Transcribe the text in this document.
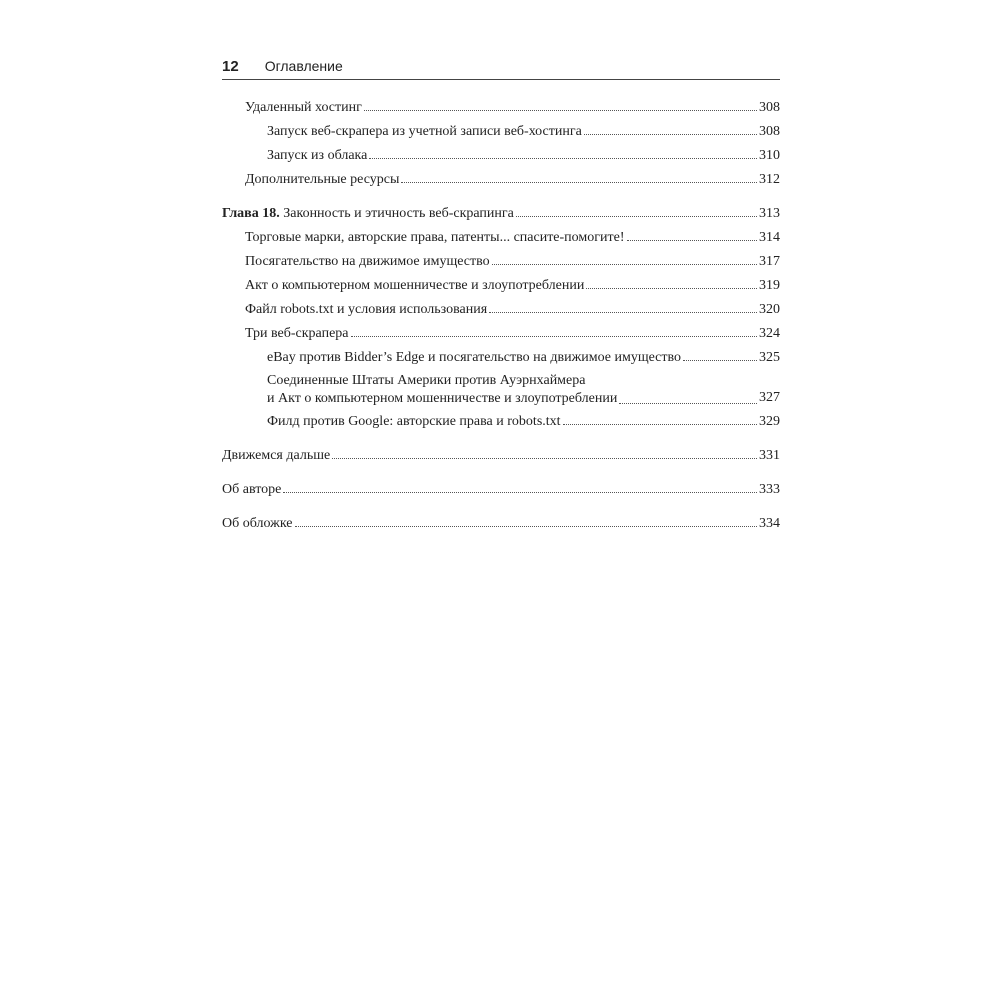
12 Оглавление
Удаленный хостинг	308
Запуск веб-скрапера из учетной записи веб-хостинга	308
Запуск из облака	310
Дополнительные ресурсы	312
Глава 18. Законность и этичность веб-скрапинга	313
Торговые марки, авторские права, патенты... спасите-помогите!	314
Посягательство на движимое имущество	317
Акт о компьютерном мошенничестве и злоупотреблении	319
Файл robots.txt и условия использования	320
Три веб-скрапера	324
eBay против Bidder’s Edge и посягательство на движимое имущество	325
Соединенные Штаты Америки против Ауэрнхаймера
и Акт о компьютерном мошенничестве и злоупотреблении	327
Филд против Google: авторские права и robots.txt	329
Движемся дальше	331
Об авторе	333
Об обложке	334
